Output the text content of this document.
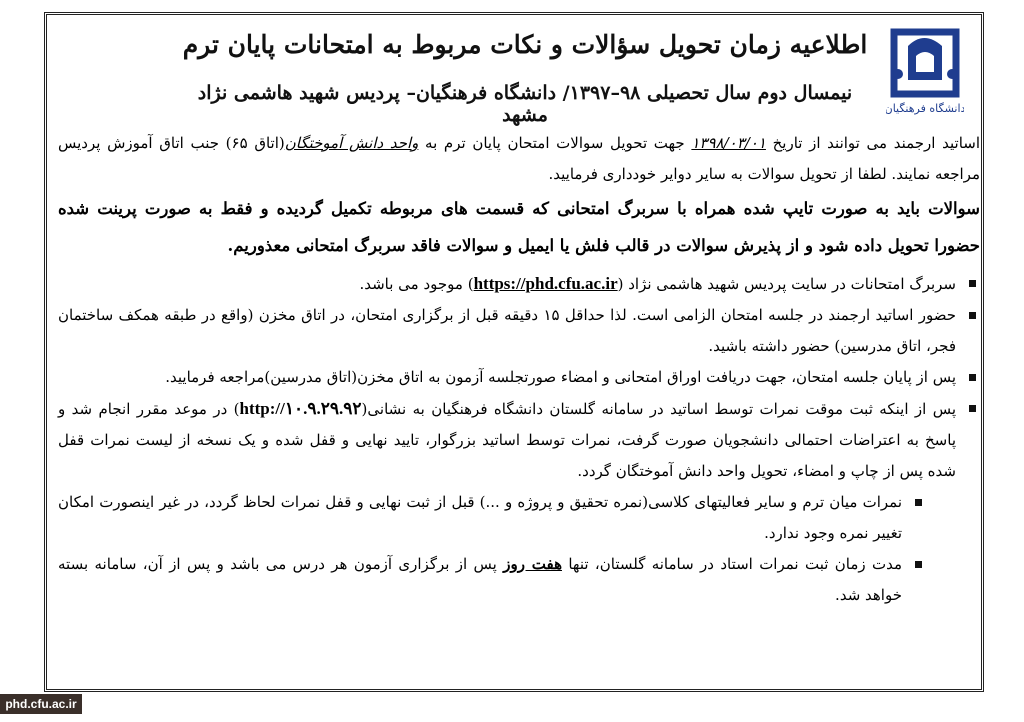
دانشگاه فرهنگیان
اطلاعیه زمان تحویل سؤالات و نکات مربوط به امتحانات پایان ترم
نیمسال دوم سال تحصیلی ۹۸–۱۳۹۷/ دانشگاه فرهنگیان– پردیس شهید هاشمی نژاد مشهد

اساتید ارجمند می توانند از تاریخ ۱۳۹۸/۰۳/۰۱ جهت تحویل سوالات امتحان پایان ترم به واحد دانش آموختگان(اتاق ۶۵) جنب اتاق آموزش پردیس مراجعه نمایند. لطفا از تحویل سوالات به سایر دوایر خودداری فرمایید.

سوالات باید به صورت تایپ شده همراه با سربرگ امتحانی که قسمت های مربوطه تکمیل گردیده و فقط به صورت پرینت شده حضورا تحویل داده شود و از پذیرش سوالات در قالب فلش یا ایمیل و سوالات فاقد سربرگ امتحانی معذوریم.

سربرگ امتحانات در سایت پردیس شهید هاشمی نژاد (https://phd.cfu.ac.ir) موجود می باشد.
حضور اساتید ارجمند در جلسه امتحان الزامی است. لذا حداقل ۱۵ دقیقه قبل از برگزاری امتحان، در اتاق مخزن (واقع در طبقه همکف ساختمان فجر، اتاق مدرسین) حضور داشته باشید.
پس از پایان جلسه امتحان، جهت دریافت اوراق امتحانی و امضاء صورتجلسه آزمون به اتاق مخزن(اتاق مدرسین)مراجعه فرمایید.
پس از اینکه ثبت موقت نمرات توسط اساتید در سامانه گلستان دانشگاه فرهنگیان به نشانی(http://۱۰.۹.۲۹.۹۲) در موعد مقرر انجام شد و پاسخ به اعتراضات احتمالی دانشجویان صورت گرفت، نمرات توسط اساتید بزرگوار، تایید نهایی و قفل شده و یک نسخه از لیست نمرات قفل شده پس از چاپ و امضاء، تحویل واحد دانش آموختگان گردد.
نمرات میان ترم و سایر فعالیتهای کلاسی(نمره تحقیق و پروژه و ...) قبل از ثبت نهایی و قفل نمرات لحاظ گردد، در غیر اینصورت امکان تغییر نمره وجود ندارد.
مدت زمان ثبت نمرات استاد در سامانه گلستان، تنها هفت روز پس از برگزاری آزمون هر درس می باشد و پس از آن، سامانه بسته خواهد شد.
phd.cfu.ac.ir
